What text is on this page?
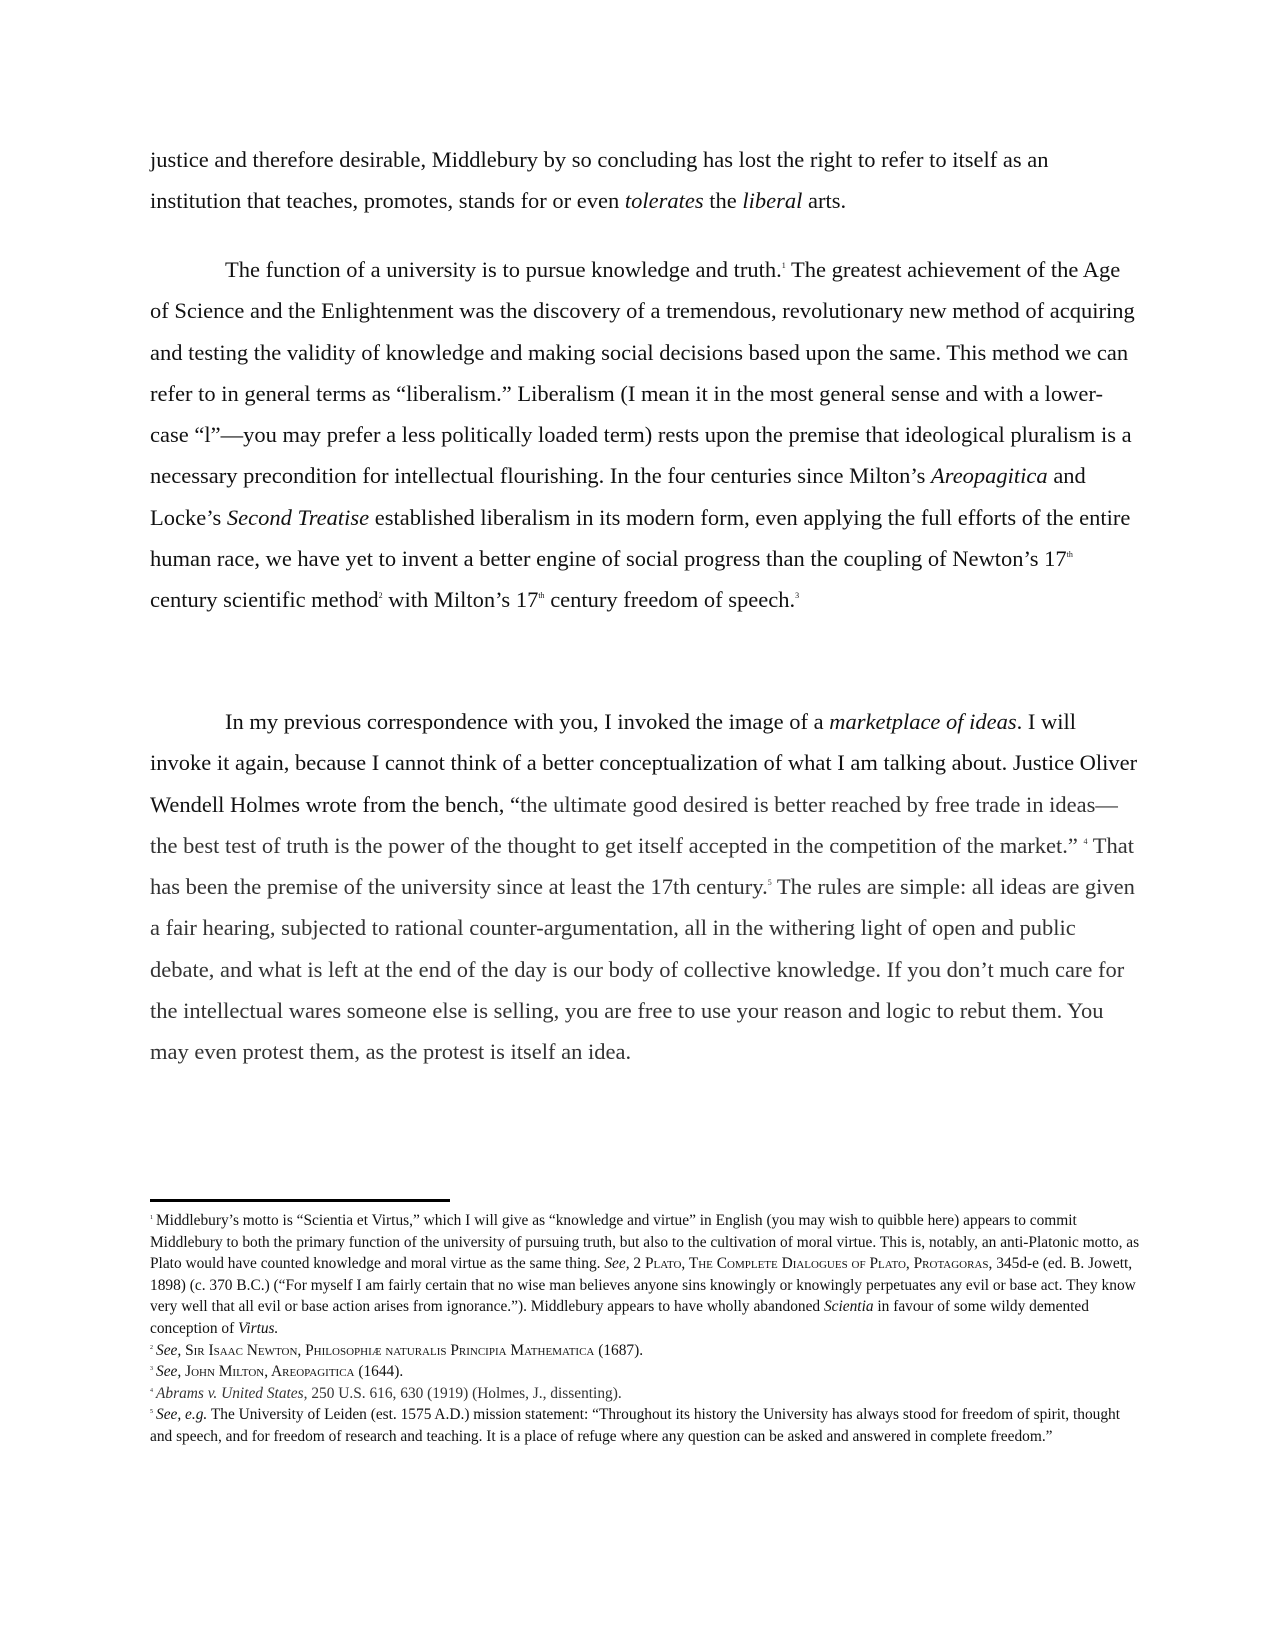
justice and therefore desirable, Middlebury by so concluding has lost the right to refer to itself as an institution that teaches, promotes, stands for or even tolerates the liberal arts.

The function of a university is to pursue knowledge and truth.$^1$ The greatest achievement of the Age of Science and the Enlightenment was the discovery of a tremendous, revolutionary new method of acquiring and testing the validity of knowledge and making social decisions based upon the same. This method we can refer to in general terms as “liberalism.” Liberalism (I mean it in the most general sense and with a lower-case “l”—you may prefer a less politically loaded term) rests upon the premise that ideological pluralism is a necessary precondition for intellectual flourishing. In the four centuries since Milton’s Areopagitica and Locke’s Second Treatise established liberalism in its modern form, even applying the full efforts of the entire human race, we have yet to invent a better engine of social progress than the coupling of Newton’s 17th century scientific method$^2$ with Milton’s 17th century freedom of speech.$^3$

In my previous correspondence with you, I invoked the image of a marketplace of ideas. I will invoke it again, because I cannot think of a better conceptualization of what I am talking about. Justice Oliver Wendell Holmes wrote from the bench, “the ultimate good desired is better reached by free trade in ideas—the best test of truth is the power of the thought to get itself accepted in the competition of the market.” $^4$ That has been the premise of the university since at least the 17th century.$^5$ The rules are simple: all ideas are given a fair hearing, subjected to rational counter-argumentation, all in the withering light of open and public debate, and what is left at the end of the day is our body of collective knowledge. If you don’t much care for the intellectual wares someone else is selling, you are free to use your reason and logic to rebut them. You may even protest them, as the protest is itself an idea.

$^1$ Middlebury’s motto is “Scientia et Virtus,” which I will give as “knowledge and virtue” in English (you may wish to quibble here) appears to commit Middlebury to both the primary function of the university of pursuing truth, but also to the cultivation of moral virtue. This is, notably, an anti-Platonic motto, as Plato would have counted knowledge and moral virtue as the same thing. See, 2 Plato, The Complete Dialogues of Plato, Protagoras, 345d-e (ed. B. Jowett, 1898) (c. 370 B.C.) (“For myself I am fairly certain that no wise man believes anyone sins knowingly or knowingly perpetuates any evil or base act. They know very well that all evil or base action arises from ignorance.”). Middlebury appears to have wholly abandoned Scientia in favour of some wildy demented conception of Virtus.

$^2$ See, Sir Isaac Newton, Philosophiæ naturalis Principia Mathematica (1687).

$^3$ See, John Milton, Areopagitica (1644).

$^4$ Abrams v. United States, 250 U.S. 616, 630 (1919) (Holmes, J., dissenting).

$^5$ See, e.g. The University of Leiden (est. 1575 A.D.) mission statement: “Throughout its history the University has always stood for freedom of spirit, thought and speech, and for freedom of research and teaching. It is a place of refuge where any question can be asked and answered in complete freedom.”
